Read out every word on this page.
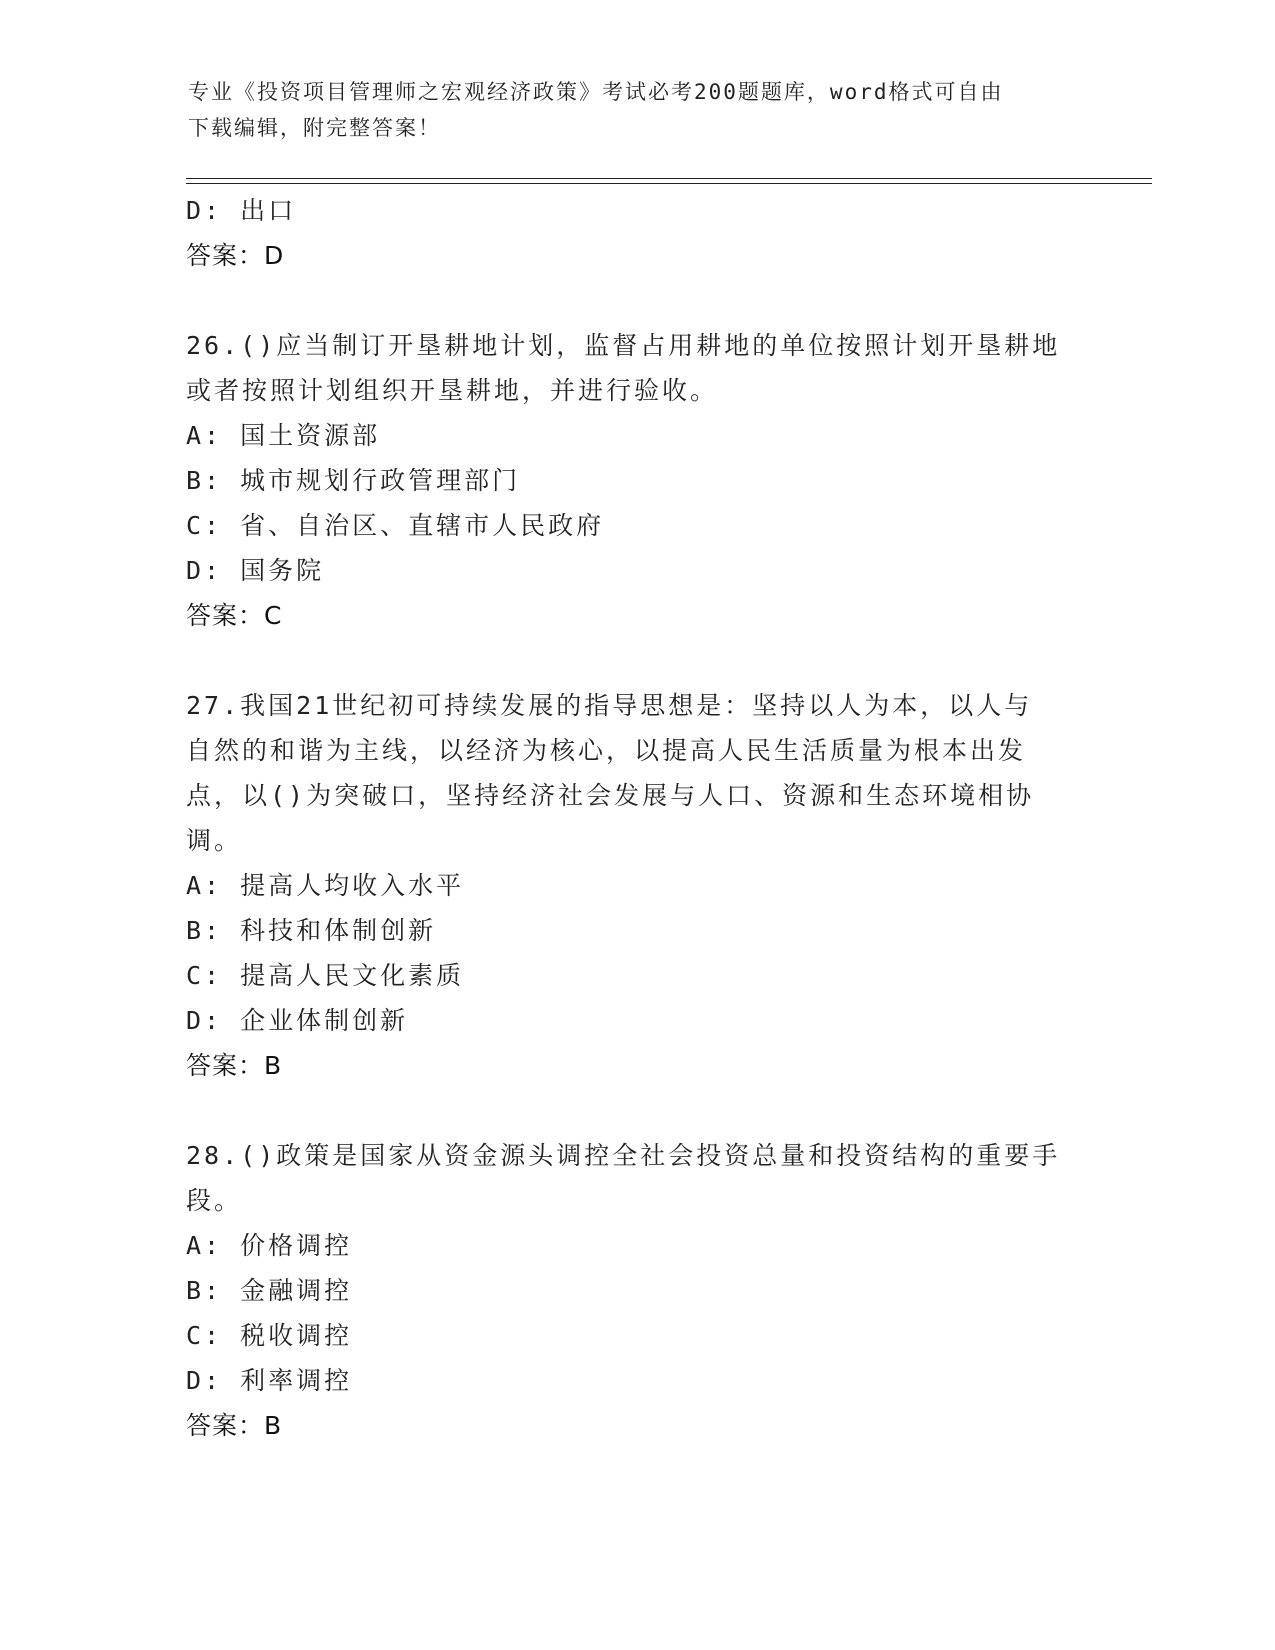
专业《投资项目管理师之宏观经济政策》考试必考200题题库，word格式可自由
下载编辑，附完整答案！
D: 出口
答案：D
26.()应当制订开垦耕地计划，监督占用耕地的单位按照计划开垦耕地
或者按照计划组织开垦耕地，并进行验收。
A: 国土资源部
B: 城市规划行政管理部门
C: 省、自治区、直辖市人民政府
D: 国务院
答案：C
27.我国21世纪初可持续发展的指导思想是：坚持以人为本，以人与
自然的和谐为主线，以经济为核心，以提高人民生活质量为根本出发
点，以()为突破口，坚持经济社会发展与人口、资源和生态环境相协
调。
A: 提高人均收入水平
B: 科技和体制创新
C: 提高人民文化素质
D: 企业体制创新
答案：B
28.()政策是国家从资金源头调控全社会投资总量和投资结构的重要手
段。
A: 价格调控
B: 金融调控
C: 税收调控
D: 利率调控
答案：B
